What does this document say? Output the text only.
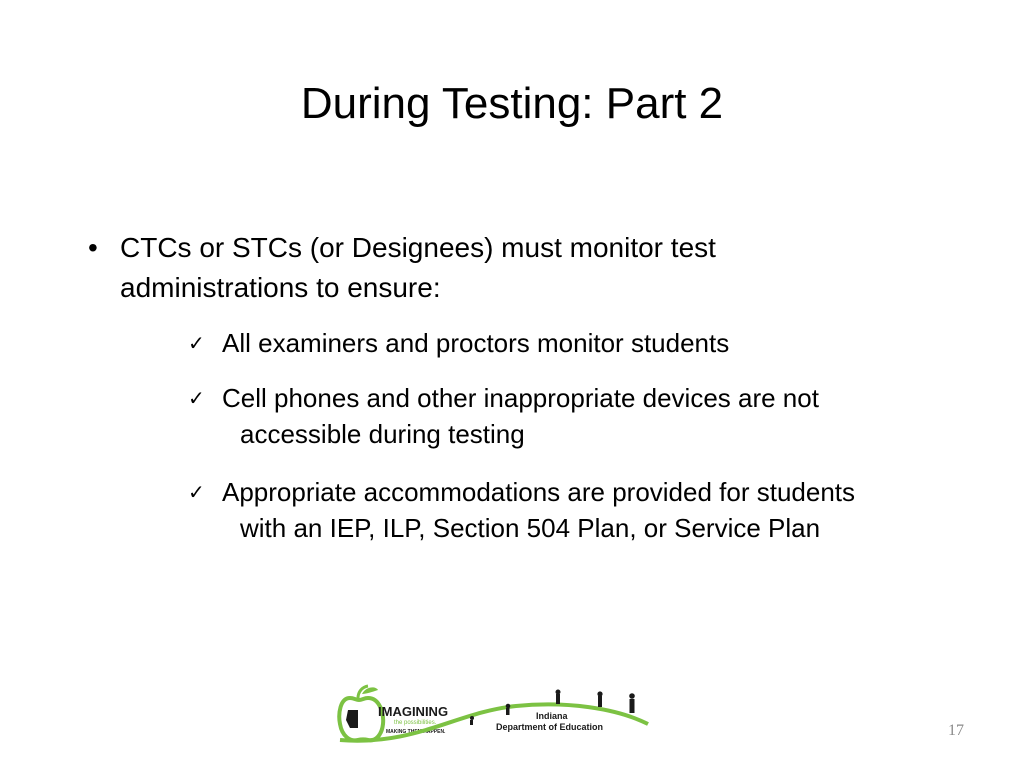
During Testing: Part 2
• CTCs or STCs (or Designees) must monitor test administrations to ensure:
✓ All examiners and proctors monitor students
✓ Cell phones and other inappropriate devices are not accessible during testing
✓ Appropriate accommodations are provided for students with an IEP, ILP, Section 504 Plan, or Service Plan
IMAGINING
the possibilities.
MAKING THEM HAPPEN.
Indiana
Department of Education	17
